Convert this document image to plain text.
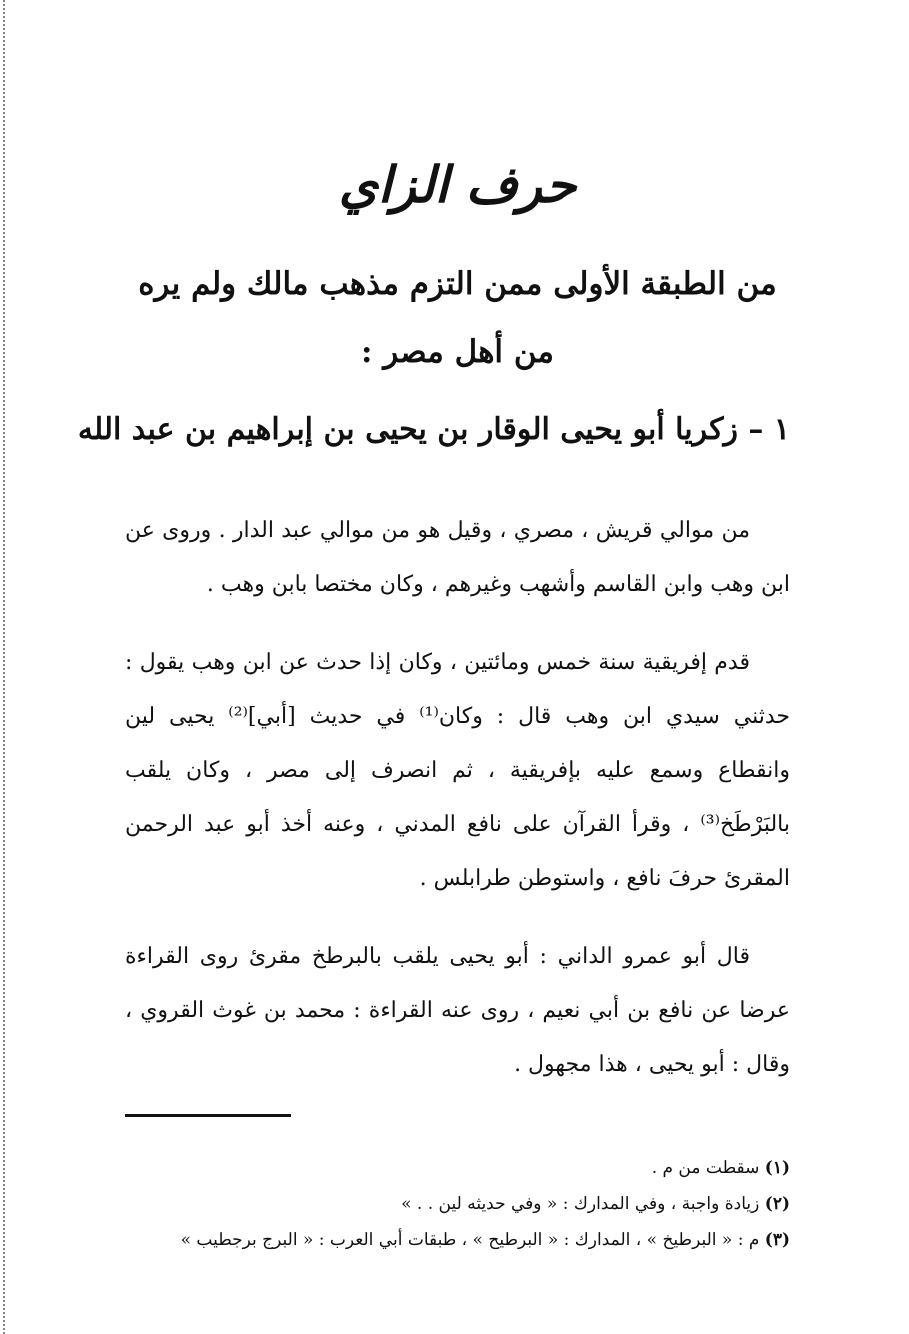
حرف الزاي
من الطبقة الأولى ممن التزم مذهب مالك ولم يره
من أهل مصر :
١ – زكريا أبو يحيى الوقار بن يحيى بن إبراهيم بن عبد الله

من موالي قريش ، مصري ، وقيل هو من موالي عبد الدار . وروى عن ابن وهب وابن القاسم وأشهب وغيرهم ، وكان مختصا بابن وهب .

قدم إفريقية سنة خمس ومائتين ، وكان إذا حدث عن ابن وهب يقول : حدثني سيدي ابن وهب قال : وكان⁽¹⁾ في حديث [أبي]⁽²⁾ يحيى لين وانقطاع وسمع عليه بإفريقية ، ثم انصرف إلى مصر ، وكان يلقب بالبَرْطَخ⁽³⁾ ، وقرأ القرآن على نافع المدني ، وعنه أخذ أبو عبد الرحمن المقرئ حرفَ نافع ، واستوطن طرابلس .

قال أبو عمرو الداني : أبو يحيى يلقب بالبرطخ مقرئ روى القراءة عرضا عن نافع بن أبي نعيم ، روى عنه القراءة : محمد بن غوث القروي ، وقال : أبو يحيى ، هذا مجهول .

(١) سقطت من م .
(٢) زيادة واجبة ، وفي المدارك : « وفي حديثه لين . . »
(٣) م : « البرطيخ » ، المدارك : « البرطيح » ، طبقات أبي العرب : « البرج برجطيب »
